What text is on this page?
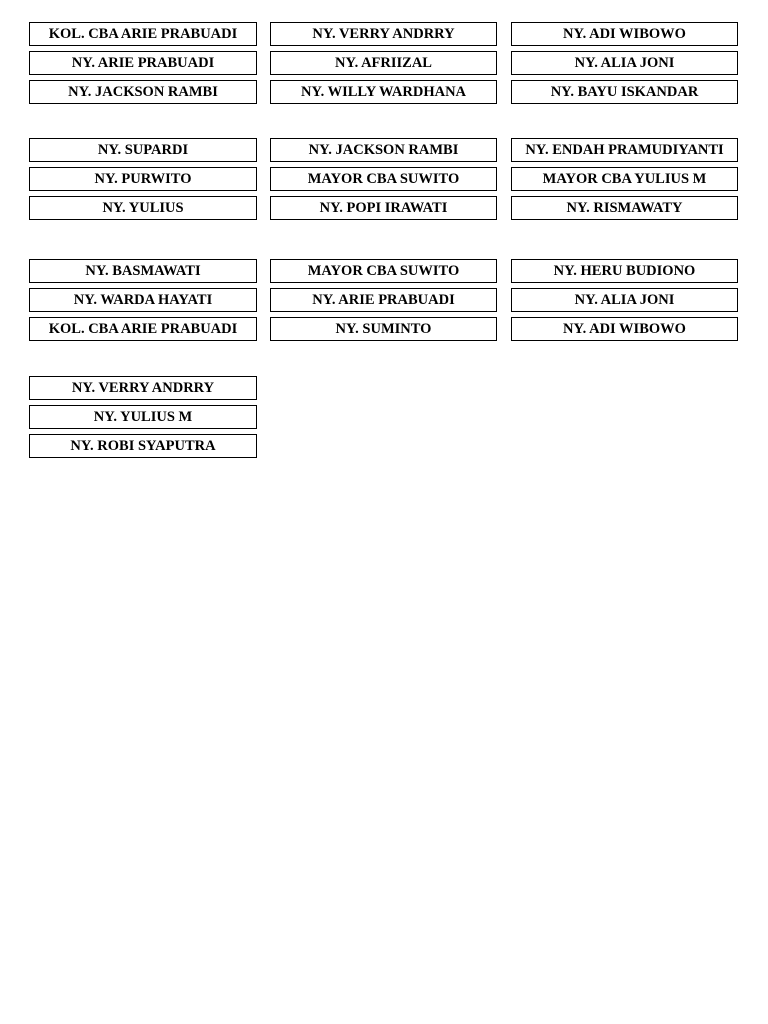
KOL. CBA ARIE PRABUADI	NY. VERRY ANDRRY	NY. ADI WIBOWO
NY. ARIE PRABUADI	NY. AFRIIZAL	NY. ALIA JONI
NY. JACKSON RAMBI	NY. WILLY WARDHANA	NY. BAYU ISKANDAR
NY. SUPARDI	NY. JACKSON RAMBI	NY. ENDAH PRAMUDIYANTI
NY. PURWITO	MAYOR CBA SUWITO	MAYOR CBA YULIUS M
NY. YULIUS	NY. POPI IRAWATI	NY. RISMAWATY
NY. BASMAWATI	MAYOR CBA SUWITO	NY. HERU BUDIONO
NY. WARDA HAYATI	NY. ARIE PRABUADI	NY. ALIA JONI
KOL. CBA ARIE PRABUADI	NY. SUMINTO	NY. ADI WIBOWO
NY. VERRY ANDRRY
NY. YULIUS M
NY. ROBI SYAPUTRA
